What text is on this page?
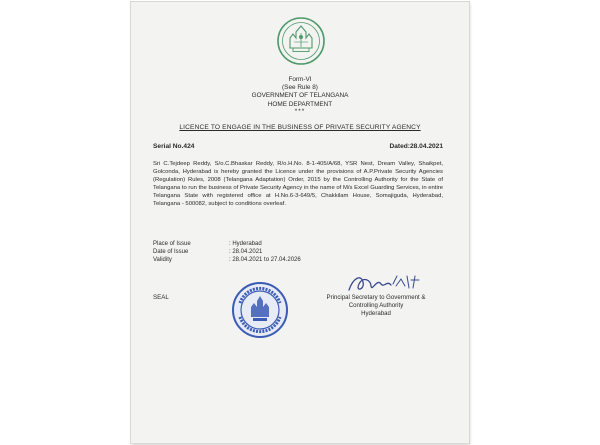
Form-VI
(See Rule 8)
GOVERNMENT OF TELANGANA
HOME DEPARTMENT
***
LICENCE TO ENGAGE IN THE BUSINESS OF PRIVATE SECURITY AGENCY
Serial No.424	Dated:28.04.2021
Sri C.Tejdeep Reddy, S/o.C.Bhaskar Reddy, R/o.H.No. 8-1-405/A/68, YSR Nest, Dream Valley, Shaikpet, Golconda, Hyderabad is hereby granted the Licence under the provisions of A.P.Private Security Agencies (Regulation) Rules, 2008 (Telangana Adaptation) Order, 2015 by the Controlling Authority for the State of Telangana to run the business of Private Security Agency in the name of M/s Excel Guarding Services, in entire Telangana State with registered office at H.No.6-3-649/5, Chakkilam House, Somajiguda, Hyderabad, Telangana - 500082, subject to conditions overleaf.
Place of Issue	: Hyderabad
Date of Issue	: 28.04.2021
Validity	: 28.04.2021 to 27.04.2026
SEAL	Principal Secretary to Government &
Controlling Authority
Hyderabad
